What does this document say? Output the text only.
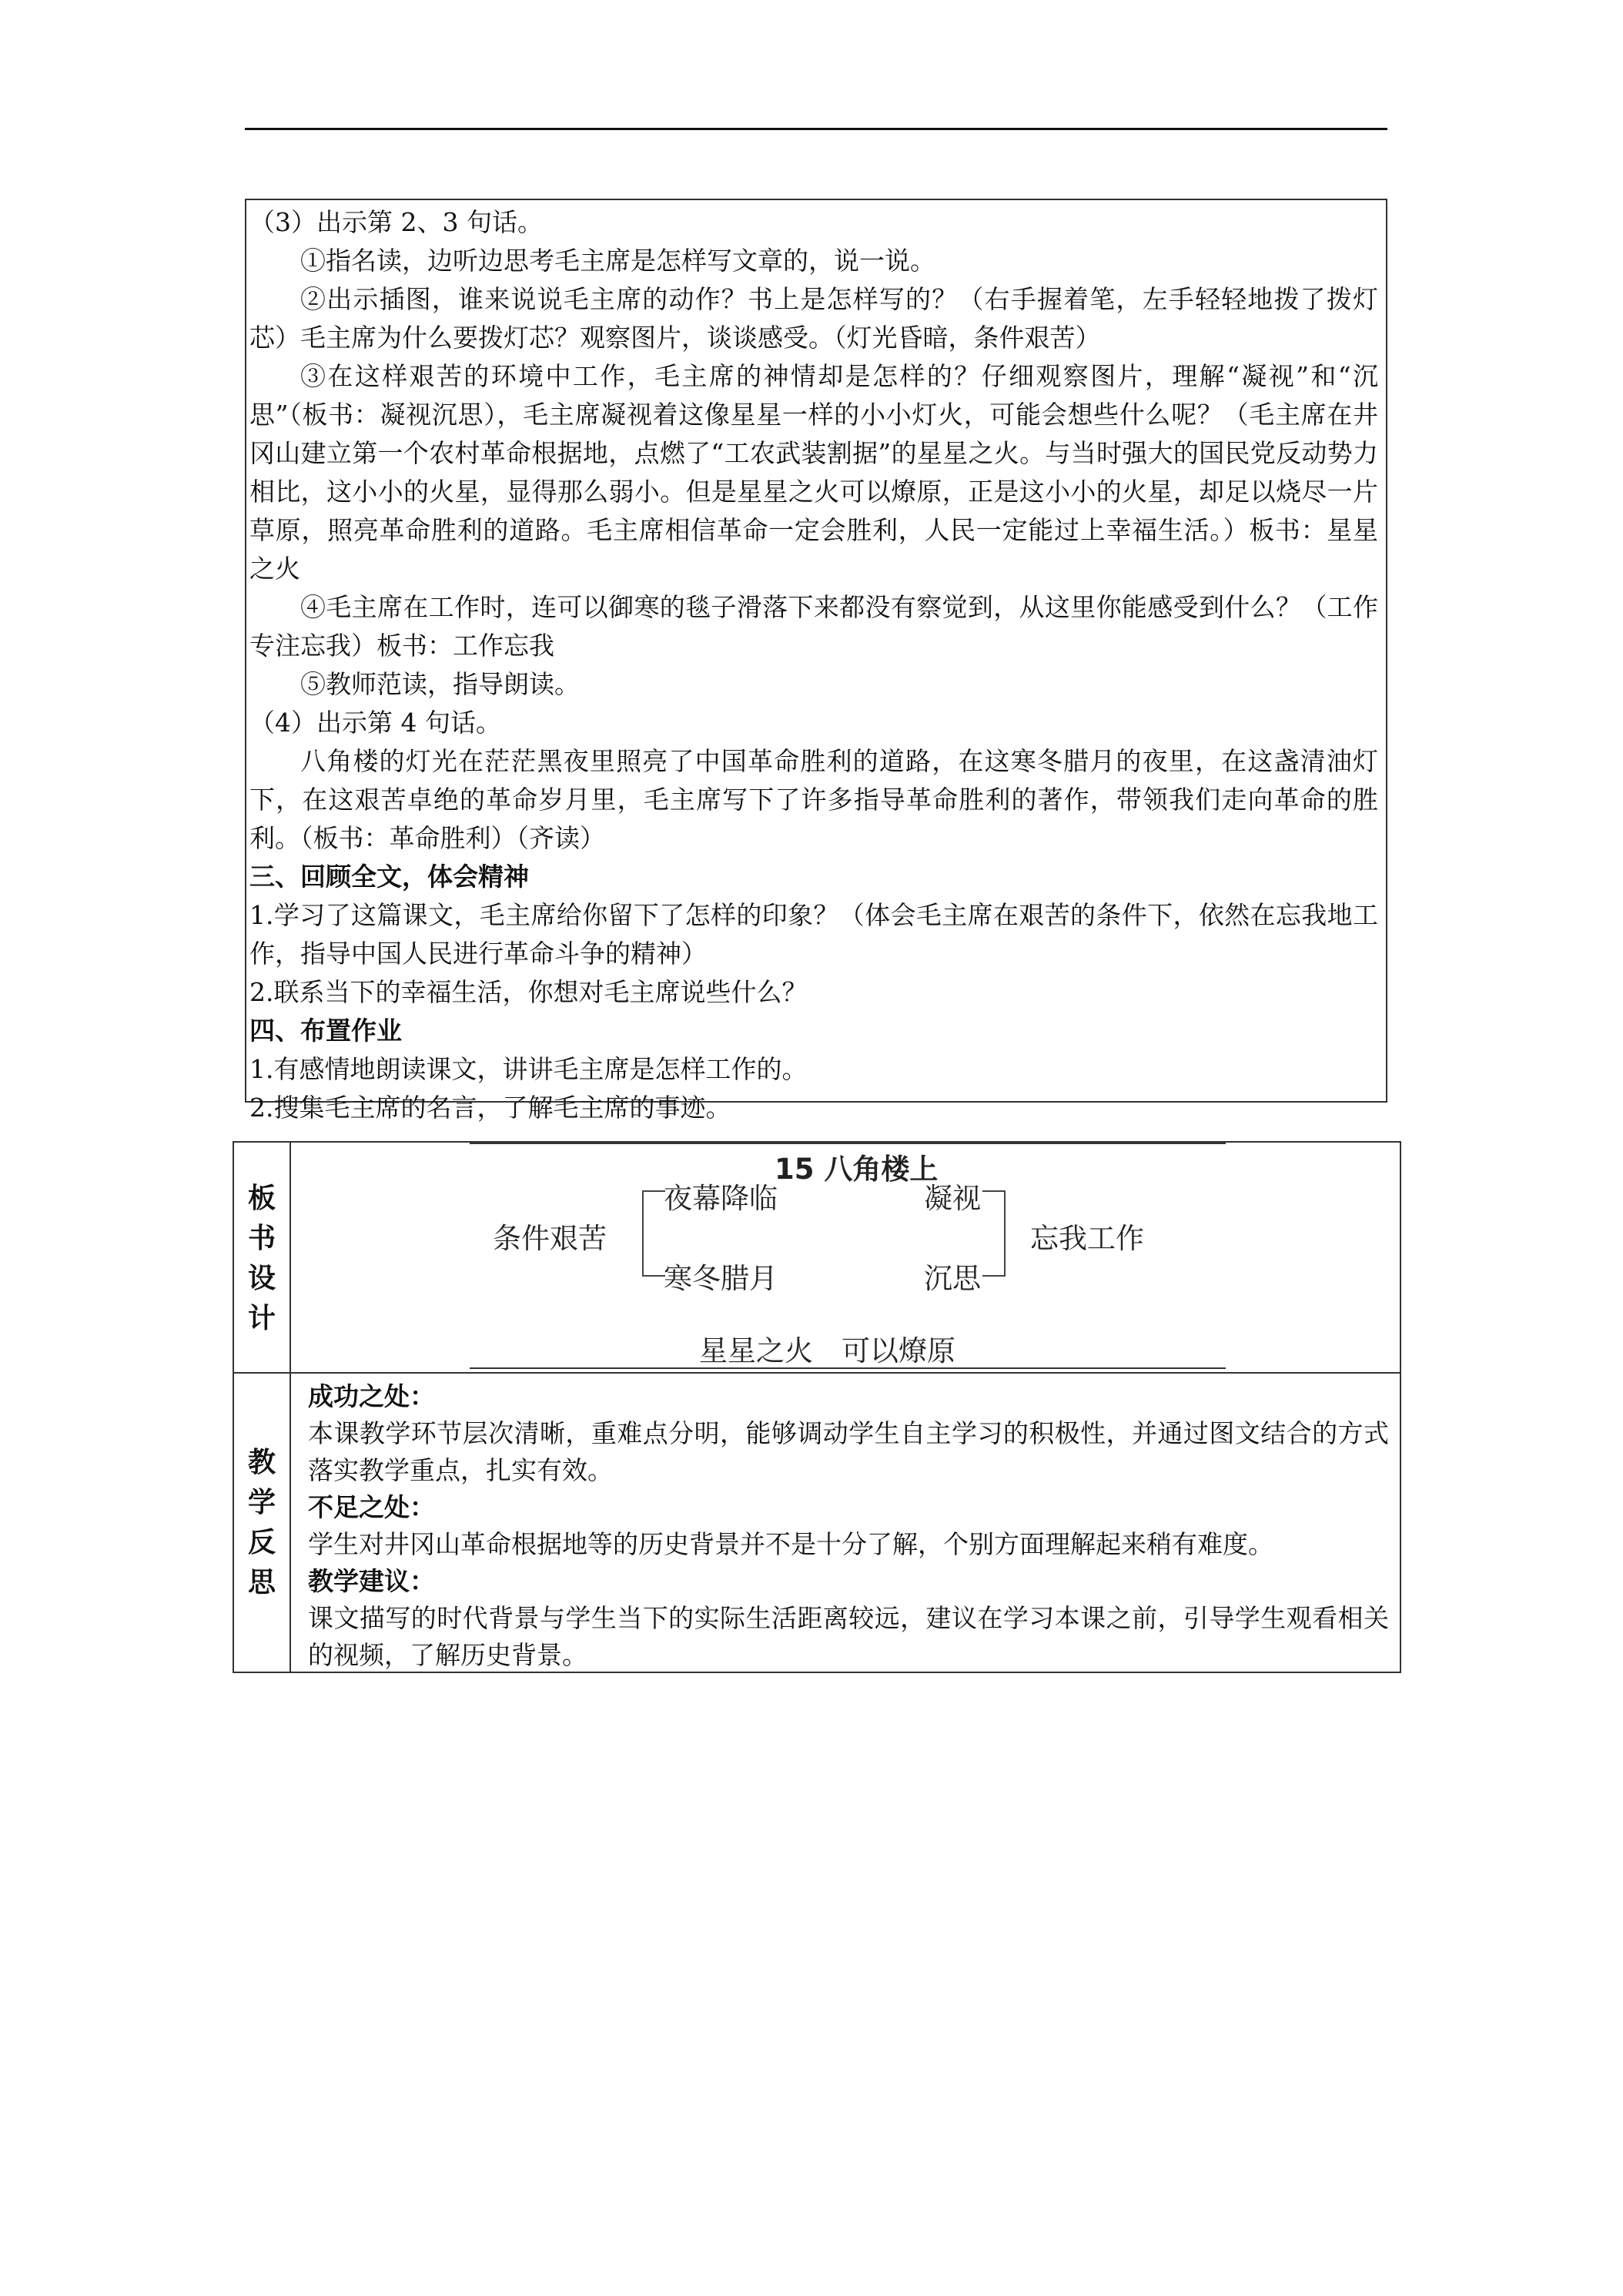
（3）出示第 2、3 句话。

①指名读，边听边思考毛主席是怎样写文章的，说一说。

②出示插图，谁来说说毛主席的动作？书上是怎样写的？（右手握着笔，左手轻轻地拨了拨灯芯）毛主席为什么要拨灯芯？观察图片，谈谈感受。（灯光昏暗，条件艰苦）

③在这样艰苦的环境中工作，毛主席的神情却是怎样的？仔细观察图片，理解“凝视”和“沉思”（板书：凝视沉思），毛主席凝视着这像星星一样的小小灯火，可能会想些什么呢？（毛主席在井冈山建立第一个农村革命根据地，点燃了“工农武装割据”的星星之火。与当时强大的国民党反动势力相比，这小小的火星，显得那么弱小。但是星星之火可以燎原，正是这小小的火星，却足以烧尽一片草原，照亮革命胜利的道路。毛主席相信革命一定会胜利，人民一定能过上幸福生活。）板书：星星之火

④毛主席在工作时，连可以御寒的毯子滑落下来都没有察觉到，从这里你能感受到什么？（工作专注忘我）板书：工作忘我

⑤教师范读，指导朗读。

（4）出示第 4 句话。

八角楼的灯光在茫茫黑夜里照亮了中国革命胜利的道路，在这寒冬腊月的夜里，在这盏清油灯下，在这艰苦卓绝的革命岁月里，毛主席写下了许多指导革命胜利的著作，带领我们走向革命的胜利。（板书：革命胜利）（齐读）

三、回顾全文，体会精神

1.学习了这篇课文，毛主席给你留下了怎样的印象？（体会毛主席在艰苦的条件下，依然在忘我地工作，指导中国人民进行革命斗争的精神）

2.联系当下的幸福生活，你想对毛主席说些什么？

四、布置作业

1.有感情地朗读课文，讲讲毛主席是怎样工作的。

2.搜集毛主席的名言，了解毛主席的事迹。

板
书
设
计
教
学
反
思
15 八角楼上
条件艰苦
夜幕降临
寒冬腊月
凝视
沉思
忘我工作
星星之火　可以燎原

成功之处：

本课教学环节层次清晰，重难点分明，能够调动学生自主学习的积极性，并通过图文结合的方式落实教学重点，扎实有效。

不足之处：

学生对井冈山革命根据地等的历史背景并不是十分了解，个别方面理解起来稍有难度。

教学建议：

课文描写的时代背景与学生当下的实际生活距离较远，建议在学习本课之前，引导学生观看相关的视频，了解历史背景。
